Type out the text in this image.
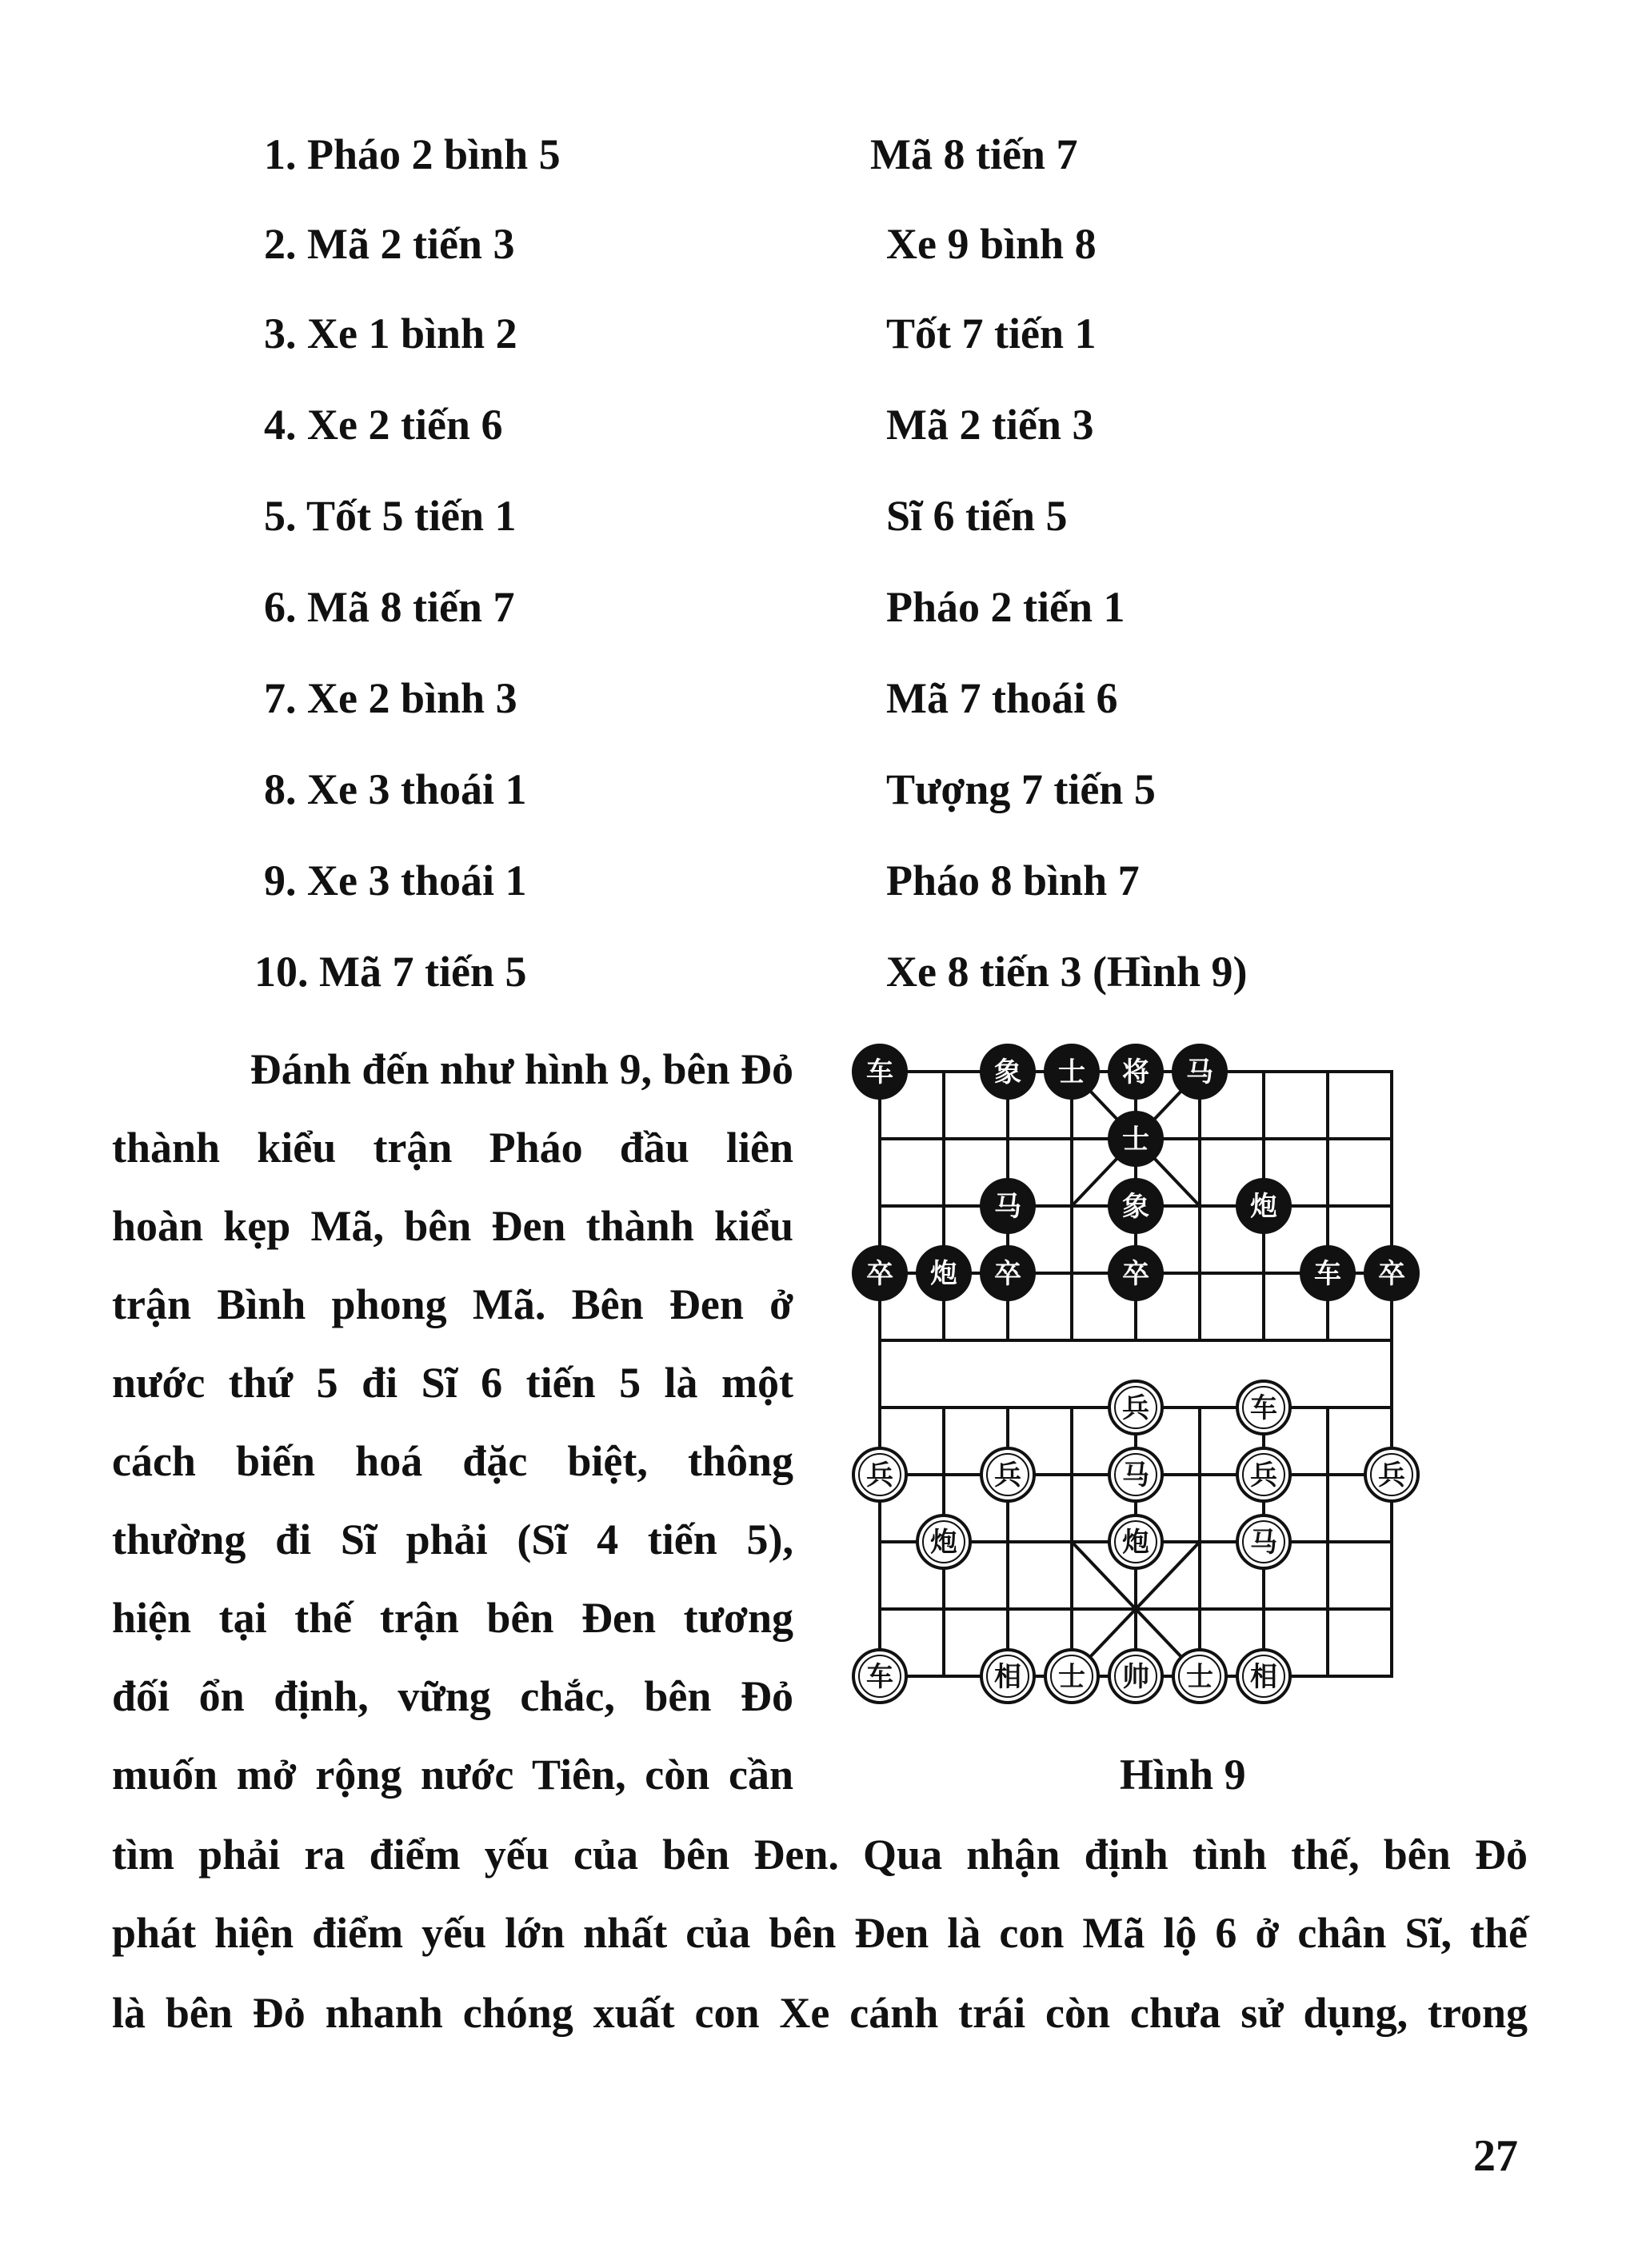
1. Pháo 2 bình 5	Mã 8 tiến 7
2. Mã 2 tiến 3	Xe 9 bình 8
3. Xe 1 bình 2	Tốt 7 tiến 1
4. Xe 2 tiến 6	Mã 2 tiến 3
5. Tốt 5 tiến 1	Sĩ 6 tiến 5
6. Mã 8 tiến 7	Pháo 2 tiến 1
7. Xe 2 bình 3	Mã 7 thoái 6
8. Xe 3 thoái 1	Tượng 7 tiến 5
9. Xe 3 thoái 1	Pháo 8 bình 7
10. Mã 7 tiến 5	Xe 8 tiến 3 (Hình 9)
Đánh đến như hình 9, bên Đỏ
thành kiểu trận Pháo đầu liên
hoàn kẹp Mã, bên Đen thành kiểu
trận Bình phong Mã. Bên Đen ở
nước thứ 5 đi Sĩ 6 tiến 5 là một
cách biến hoá đặc biệt, thông
thường đi Sĩ phải (Sĩ 4 tiến 5),
hiện tại thế trận bên Đen tương
đối ổn định, vững chắc, bên Đỏ
muốn mở rộng nước Tiên, còn cần
tìm phải ra điểm yếu của bên Đen. Qua nhận định tình thế, bên Đỏ
phát hiện điểm yếu lớn nhất của bên Đen là con Mã lộ 6 ở chân Sĩ, thế
là bên Đỏ nhanh chóng xuất con Xe cánh trái còn chưa sử dụng, trong
车	象 士 将 马
士
马	象	炮
卒 炮 卒	卒	车 卒
兵	车
兵	兵	马	兵	兵
炮	炮	马
车	相 士 帅 士 相
Hình 9
27
